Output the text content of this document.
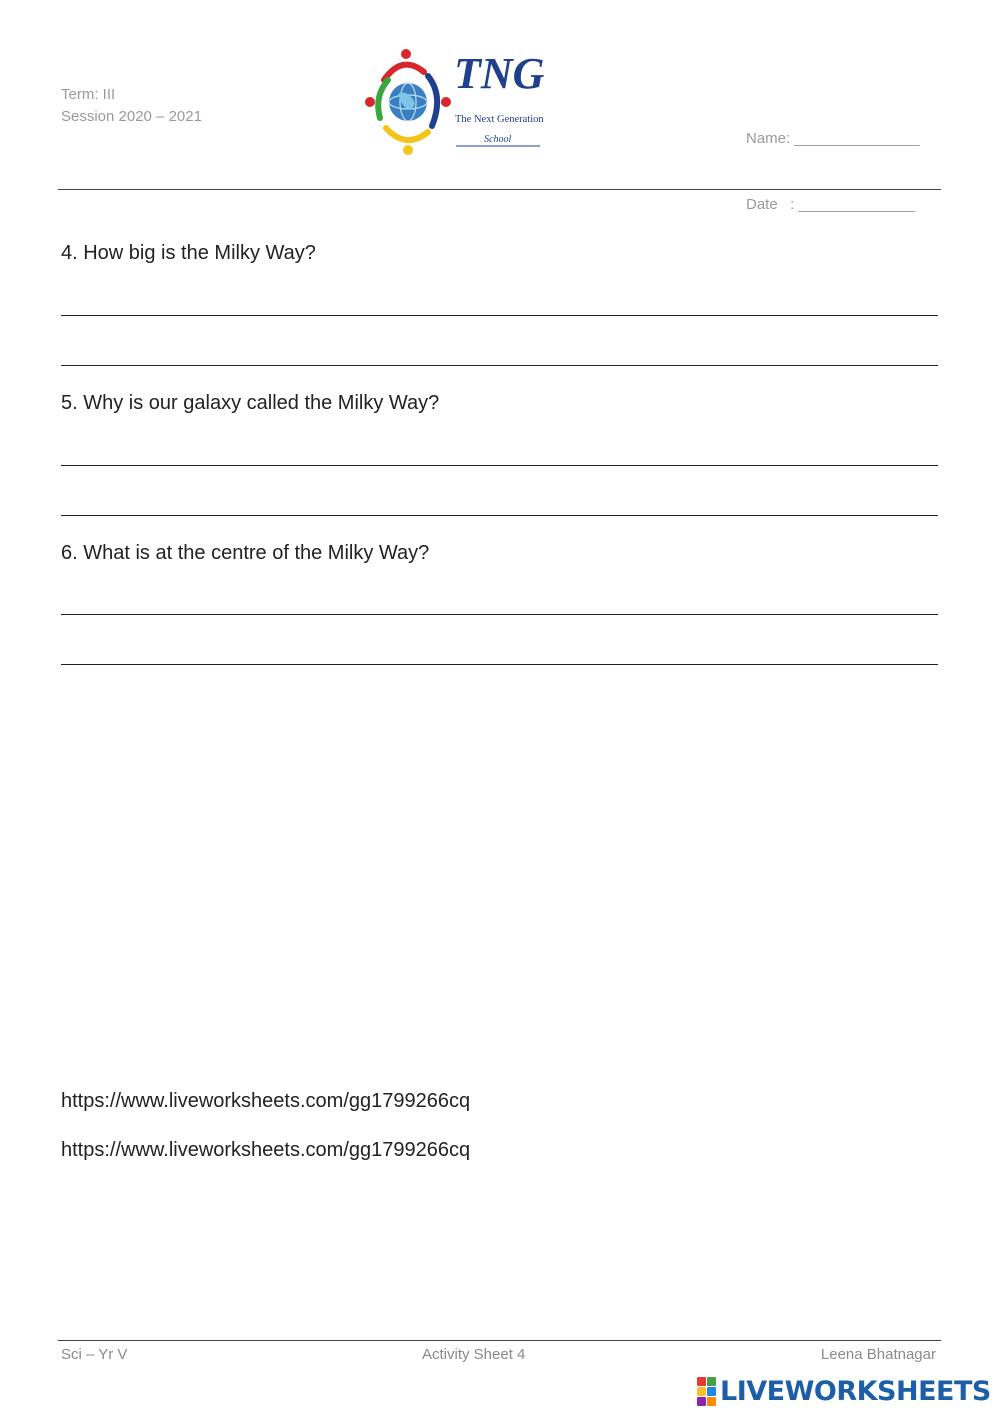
Term: III
Session 2020 – 2021
TNG
The Next Generation
School

	Name: _______________

Date   : ______________

4. How big is the Milky Way?
5. Why is our galaxy called the Milky Way?
6. What is at the centre of the Milky Way?
https://www.liveworksheets.com/gg1799266cq
https://www.liveworksheets.com/gg1799266cq
Sci – Yr V	Activity Sheet 4	Leena Bhatnagar
LIVEWORKSHEETS
